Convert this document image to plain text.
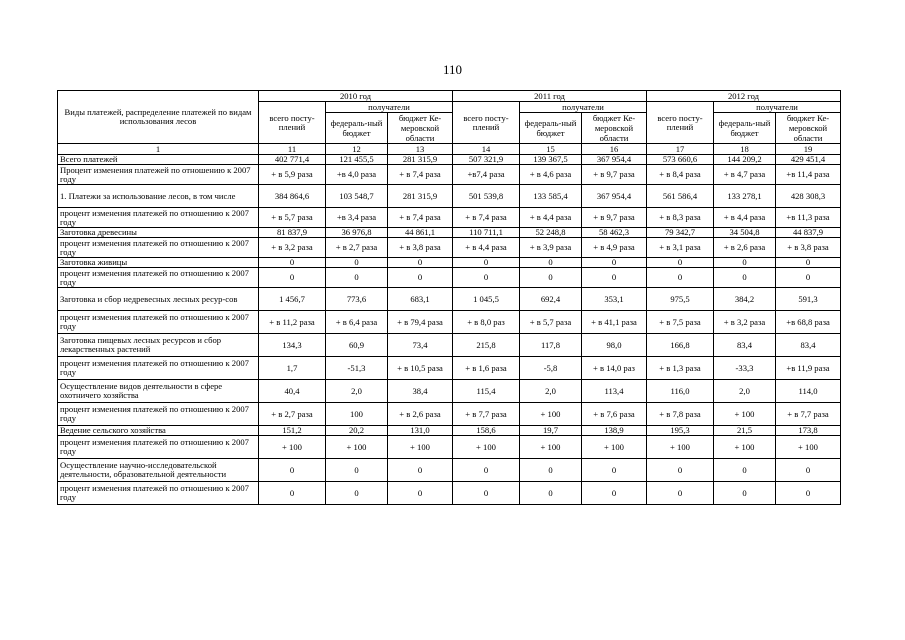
110
Виды платежей, распределение платежей по видам использования лесов	2010 год			2011 год			2012 год		
	всего посту-плений	получатели		всего посту-плений	получатели		всего посту-плений	получатели	
		федераль-ный бюджет	бюджет Ке-меровской области		федераль-ный бюджет	бюджет Ке-меровской области		федераль-ный бюджет	бюджет Ке-меровской области
1	11	12	13	14	15	16	17	18	19
Всего платежей	402 771,4	121 455,5	281 315,9	507 321,9	139 367,5	367 954,4	573 660,6	144 209,2	429 451,4
Процент изменения платежей по отношению к 2007 году	+ в 5,9 раза	+в 4,0 раза	+ в 7,4 раза	+в7,4 раза	+ в 4,6 раза	+ в 9,7 раза	+ в 8,4 раза	+ в 4,7 раза	+в 11,4 раза
1. Платежи за использование лесов, в том числе	384 864,6	103 548,7	281 315,9	501 539,8	133 585,4	367 954,4	561 586,4	133 278,1	428 308,3
процент изменения платежей по отношению к 2007 году	+ в 5,7 раза	+в 3,4 раза	+ в 7,4 раза	+ в 7,4 раза	+ в 4,4 раза	+ в 9,7 раза	+ в 8,3 раза	+ в 4,4 раза	+в 11,3 раза
Заготовка древесины	81 837,9	36 976,8	44 861,1	110 711,1	52 248,8	58 462,3	79 342,7	34 504,8	44 837,9
процент изменения платежей по отношению к 2007 году	+ в 3,2 раза	+ в 2,7 раза	+ в 3,8 раза	+ в 4,4 раза	+ в 3,9 раза	+ в 4,9 раза	+ в 3,1 раза	+ в 2,6 раза	+ в 3,8 раза
Заготовка живицы	0	0	0	0	0	0	0	0	0
процент изменения платежей по отношению к 2007 году	0	0	0	0	0	0	0	0	0
Заготовка и сбор недревесных лесных ресур-сов	1 456,7	773,6	683,1	1 045,5	692,4	353,1	975,5	384,2	591,3
процент изменения платежей по отношению к 2007 году	+ в 11,2 раза	+ в 6,4 раза	+ в 79,4 раза	+ в 8,0 раз	+ в 5,7 раза	+ в 41,1 раза	+ в 7,5 раза	+ в 3,2 раза	+в 68,8 раза
Заготовка пищевых лесных ресурсов и сбор лекарственных растений	134,3	60,9	73,4	215,8	117,8	98,0	166,8	83,4	83,4
процент изменения платежей по отношению к 2007 году	1,7	-51,3	+ в 10,5 раза	+ в 1,6 раза	-5,8	+ в 14,0 раз	+ в 1,3 раза	-33,3	+в 11,9 раза
Осуществление видов деятельности в сфере охотничего хозяйства	40,4	2,0	38,4	115,4	2,0	113,4	116,0	2,0	114,0
процент изменения платежей по отношению к 2007 году	+ в 2,7 раза	100	+ в 2,6 раза	+ в 7,7 раза	+ 100	+ в 7,6 раза	+ в 7,8 раза	+ 100	+ в 7,7 раза
Ведение сельского хозяйства	151,2	20,2	131,0	158,6	19,7	138,9	195,3	21,5	173,8
процент изменения платежей по отношению к 2007 году	+ 100	+ 100	+ 100	+ 100	+ 100	+ 100	+ 100	+ 100	+ 100
Осуществление научно-исследовательской деятельности, образовательной деятельности	0	0	0	0	0	0	0	0	0
процент изменения платежей по отношению к 2007 году	0	0	0	0	0	0	0	0	0
